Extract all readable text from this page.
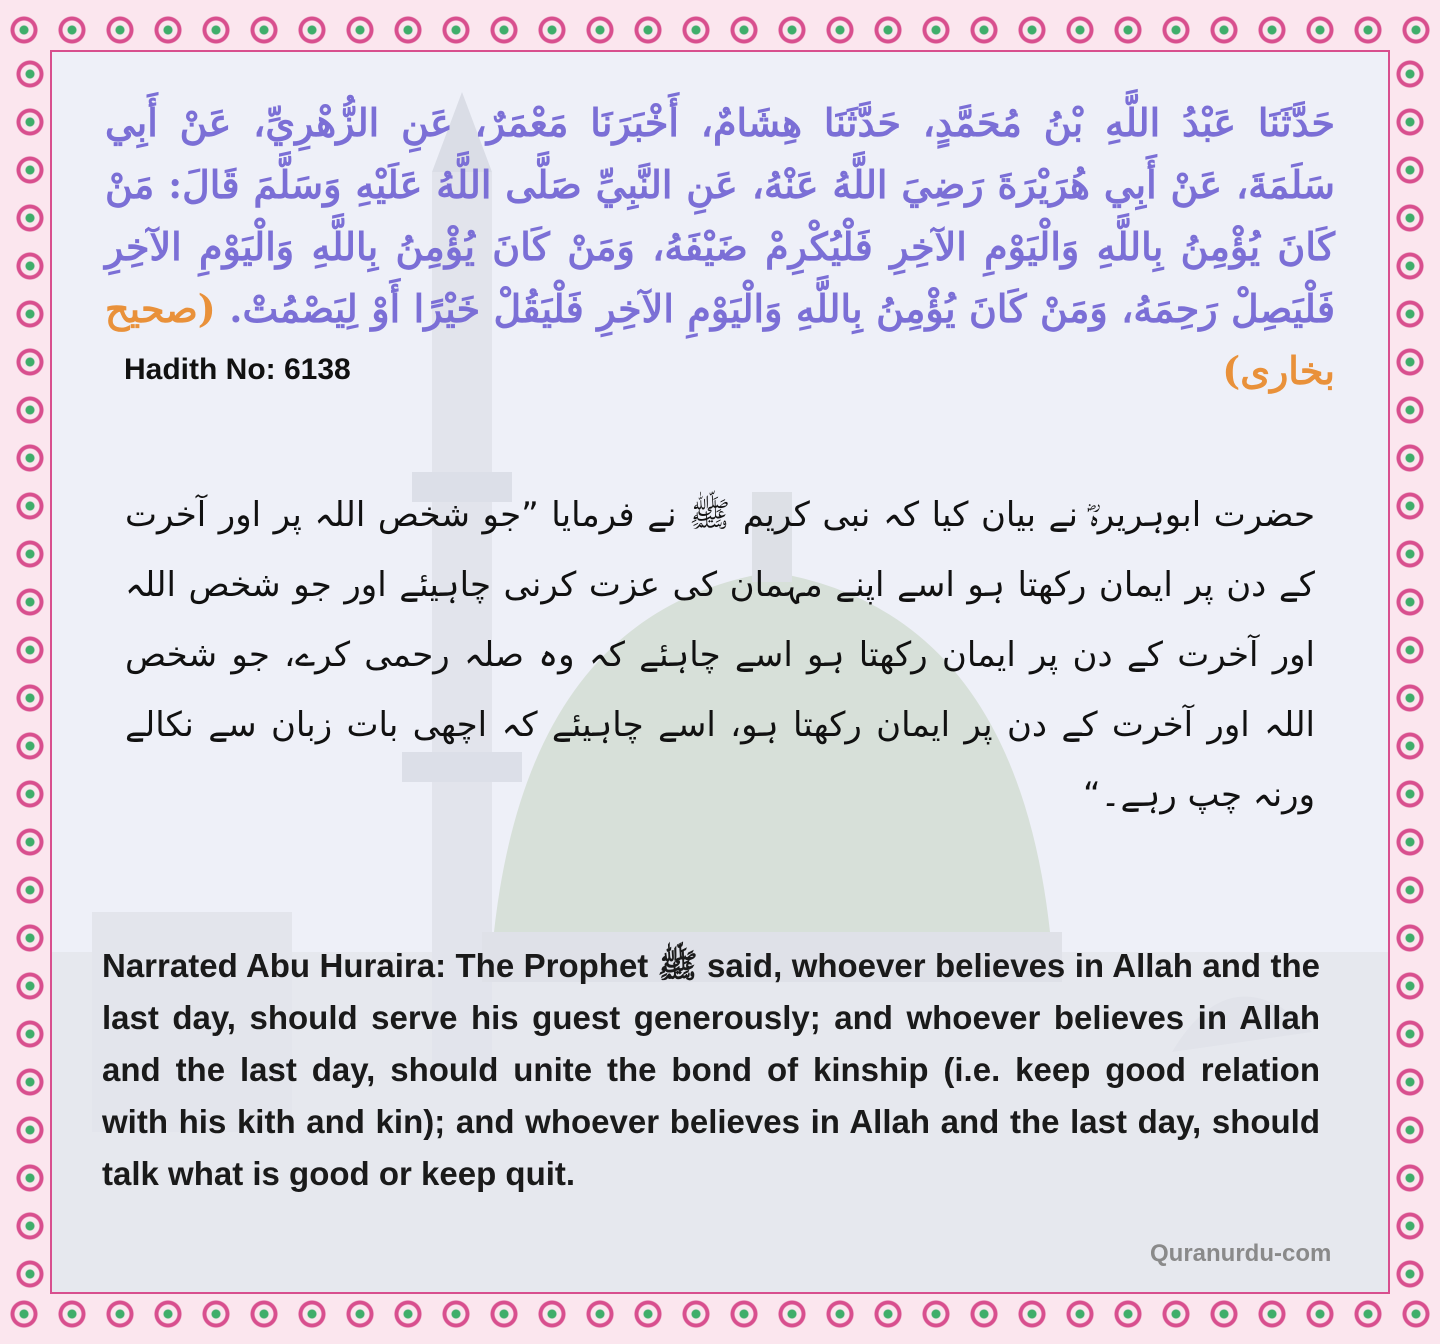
حَدَّثَنَا عَبْدُ اللَّهِ بْنُ مُحَمَّدٍ، حَدَّثَنَا هِشَامٌ، أَخْبَرَنَا مَعْمَرٌ، عَنِ الزُّهْرِيِّ، عَنْ أَبِي سَلَمَةَ، عَنْ أَبِي هُرَيْرَةَ رَضِيَ اللَّهُ عَنْهُ، عَنِ النَّبِيِّ صَلَّى اللَّهُ عَلَيْهِ وَسَلَّمَ قَالَ: مَنْ كَانَ يُؤْمِنُ بِاللَّهِ وَالْيَوْمِ الآخِرِ فَلْيُكْرِمْ ضَيْفَهُ، وَمَنْ كَانَ يُؤْمِنُ بِاللَّهِ وَالْيَوْمِ الآخِرِ فَلْيَصِلْ رَحِمَهُ، وَمَنْ كَانَ يُؤْمِنُ بِاللَّهِ وَالْيَوْمِ الآخِرِ فَلْيَقُلْ خَيْرًا أَوْ لِيَصْمُتْ. (صحیح بخاری)
Hadith No: 6138
حضرت ابوہریرہؓ نے بیان کیا کہ نبی کریم ﷺ نے فرمایا ”جو شخص اللہ پر اور آخرت کے دن پر ایمان رکھتا ہو اسے اپنے مہمان کی عزت کرنی چاہیئے اور جو شخص اللہ اور آخرت کے دن پر ایمان رکھتا ہو اسے چاہئے کہ وہ صلہ رحمی کرے، جو شخص اللہ اور آخرت کے دن پر ایمان رکھتا ہو، اسے چاہیئے کہ اچھی بات زبان سے نکالے ورنہ چپ رہے۔“
Narrated Abu Huraira: The Prophet ﷺ said, whoever believes in Allah and the last day, should serve his guest generously; and whoever believes in Allah and the last day, should unite the bond of kinship (i.e. keep good relation with his kith and kin); and whoever believes in Allah and the last day, should talk what is good or keep quit.
Quranurdu-com
